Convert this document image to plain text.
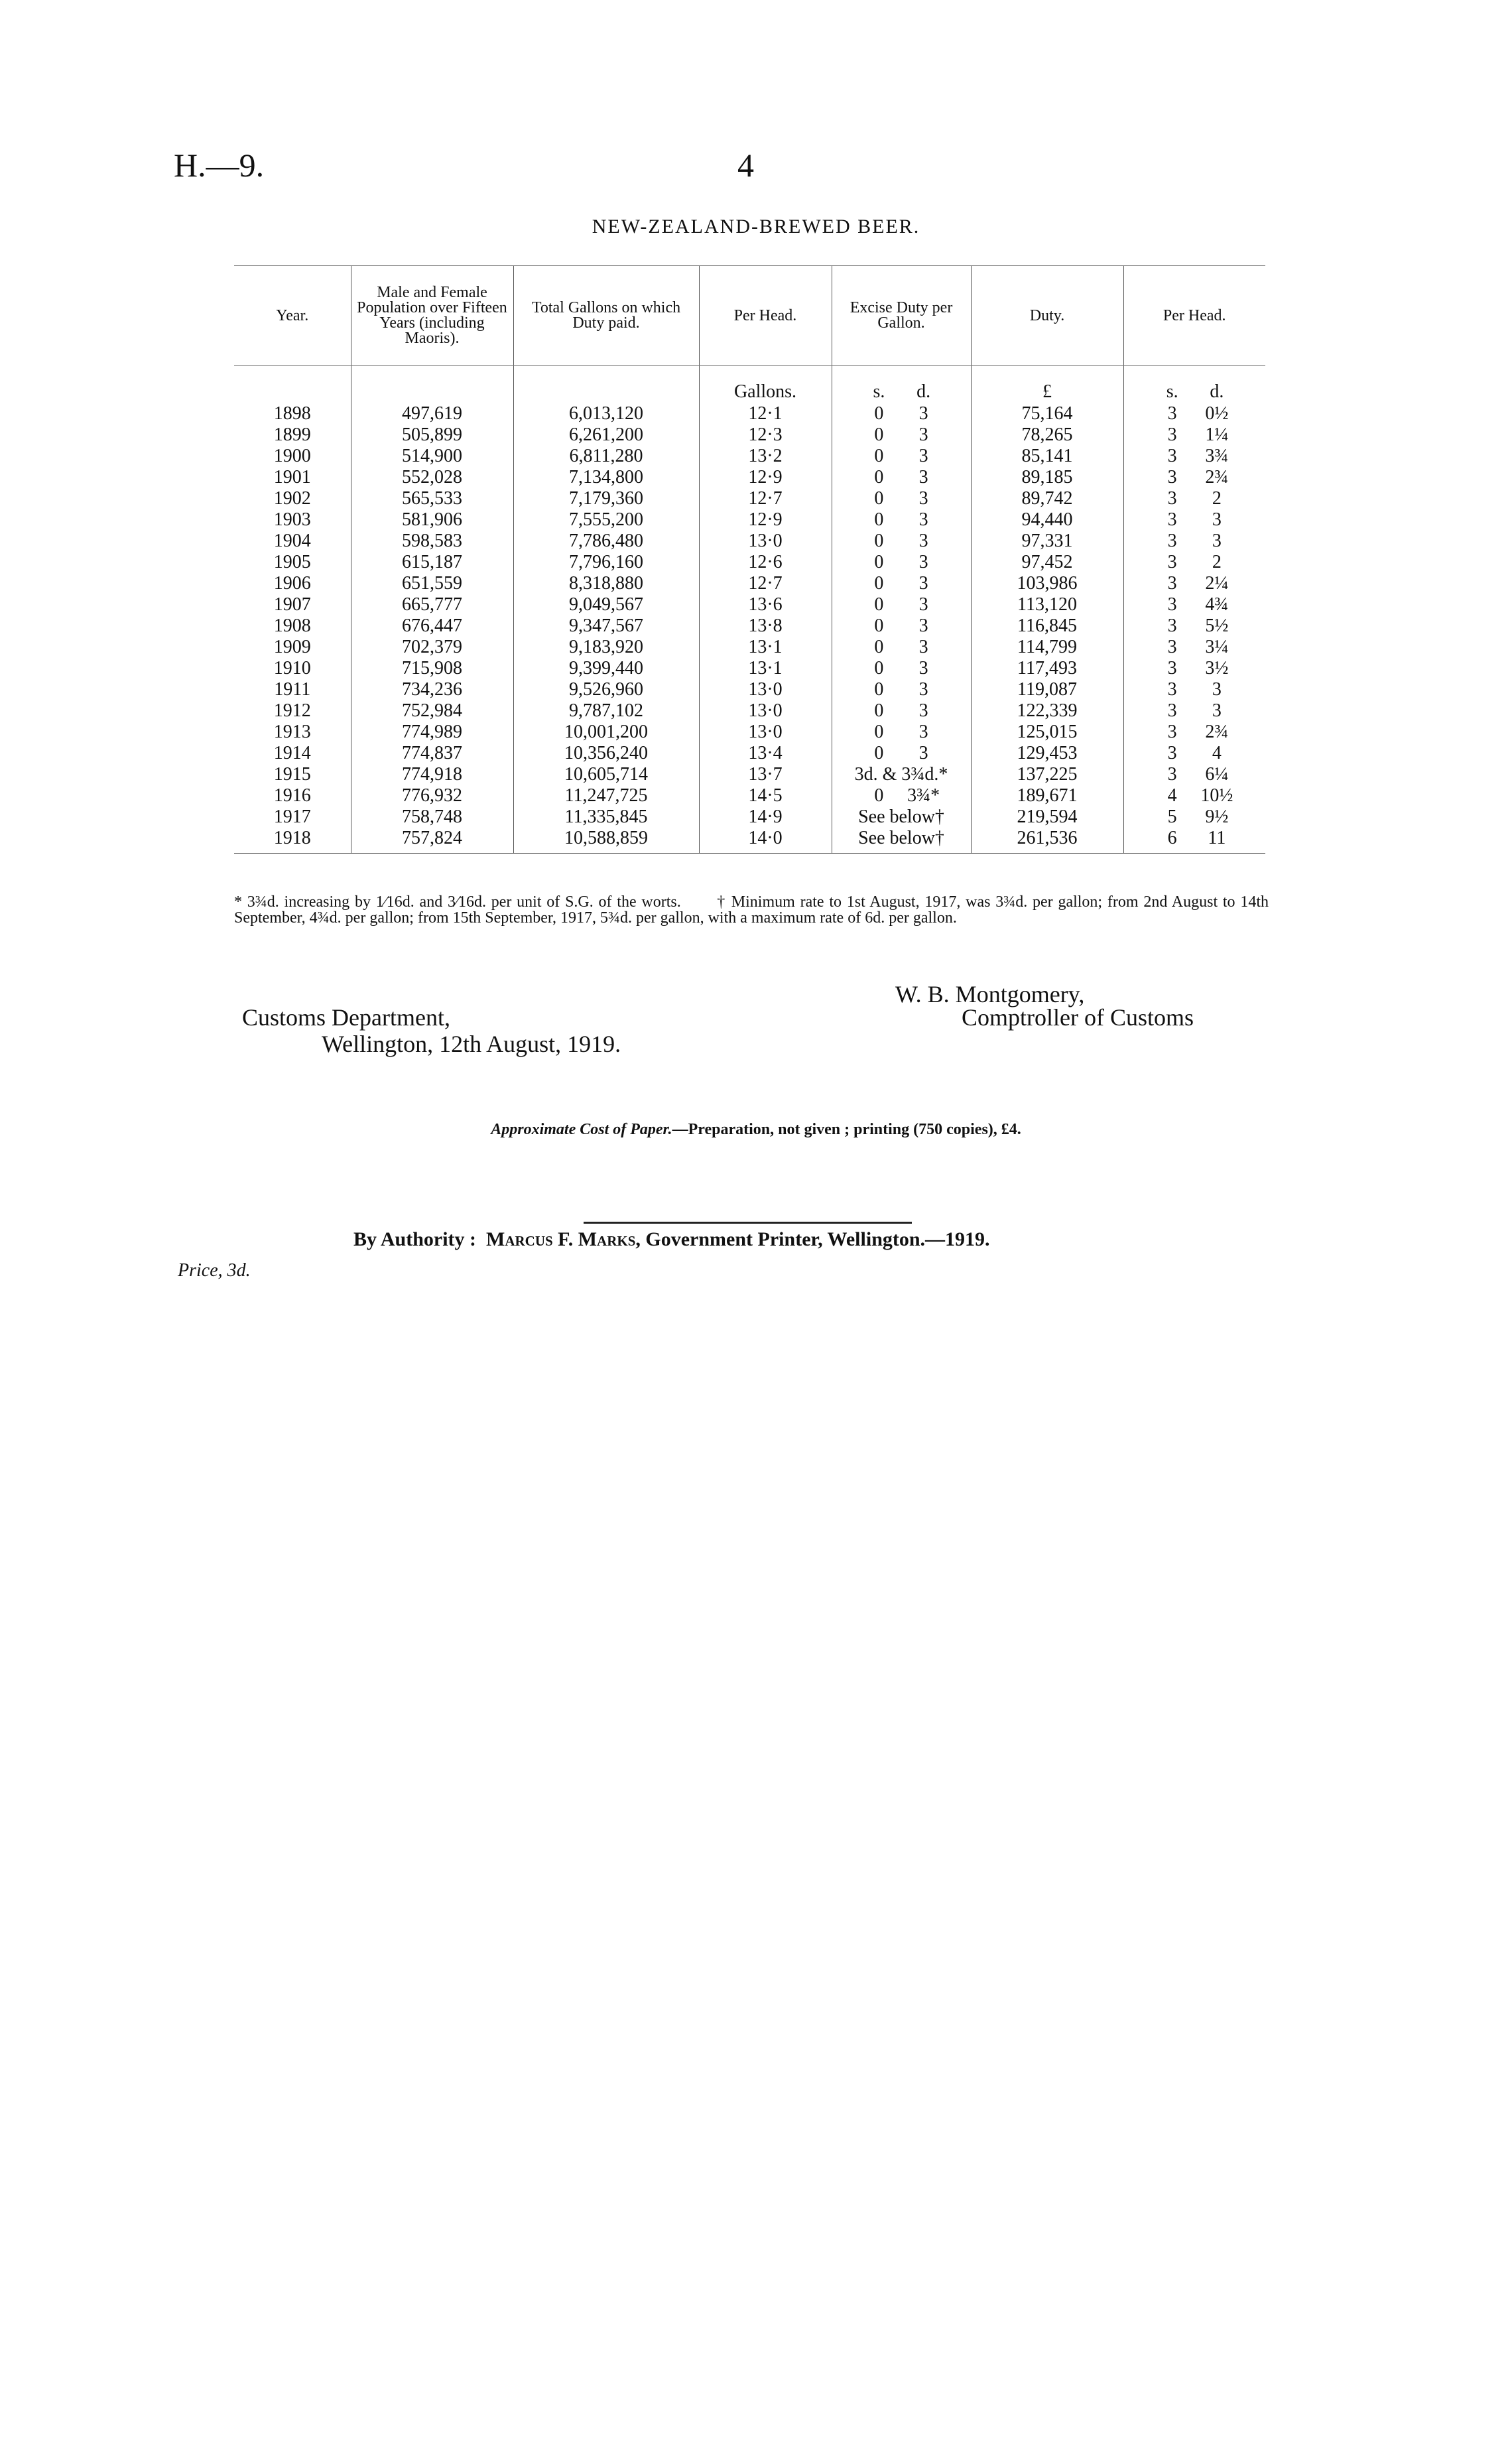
H.—9.	4
NEW-ZEALAND-BREWED BEER.
Year.	Male and Female Population over Fifteen Years (including Maoris).	Total Gallons on which Duty paid.	Per Head.	Excise Duty per Gallon.	Duty.	Per Head.
			Gallons.	s. d.	£	s. d.
1898	497,619	6,013,120	12·1	0 3	75,164	3 0½
1899	505,899	6,261,200	12·3	0 3	78,265	3 1¼
1900	514,900	6,811,280	13·2	0 3	85,141	3 3¾
1901	552,028	7,134,800	12·9	0 3	89,185	3 2¾
1902	565,533	7,179,360	12·7	0 3	89,742	3 2
1903	581,906	7,555,200	12·9	0 3	94,440	3 3
1904	598,583	7,786,480	13·0	0 3	97,331	3 3
1905	615,187	7,796,160	12·6	0 3	97,452	3 2
1906	651,559	8,318,880	12·7	0 3	103,986	3 2¼
1907	665,777	9,049,567	13·6	0 3	113,120	3 4¾
1908	676,447	9,347,567	13·8	0 3	116,845	3 5½
1909	702,379	9,183,920	13·1	0 3	114,799	3 3¼
1910	715,908	9,399,440	13·1	0 3	117,493	3 3½
1911	734,236	9,526,960	13·0	0 3	119,087	3 3
1912	752,984	9,787,102	13·0	0 3	122,339	3 3
1913	774,989	10,001,200	13·0	0 3	125,015	3 2¾
1914	774,837	10,356,240	13·4	0 3	129,453	3 4
1915	774,918	10,605,714	13·7	3d. & 3¾d.*	137,225	3 6¼
1916	776,932	11,247,725	14·5	0 3¾*	189,671	4 10½
1917	758,748	11,335,845	14·9	See below†	219,594	5 9½
1918	757,824	10,588,859	14·0	See below†	261,536	6 11
* 3¾d. increasing by 1⁄16d. and 3⁄16d. per unit of S.G. of the worts. † Minimum rate to 1st August, 1917, was 3¾d. per gallon; from 2nd August to 14th September, 4¾d. per gallon; from 15th September, 1917, 5¾d. per gallon, with a maximum rate of 6d. per gallon.
W. B. Montgomery,
Comptroller of Customs
Customs Department,
Wellington, 12th August, 1919.
Approximate Cost of Paper.—Preparation, not given ; printing (750 copies), £4.
By Authority : Marcus F. Marks, Government Printer, Wellington.—1919.
Price, 3d.
